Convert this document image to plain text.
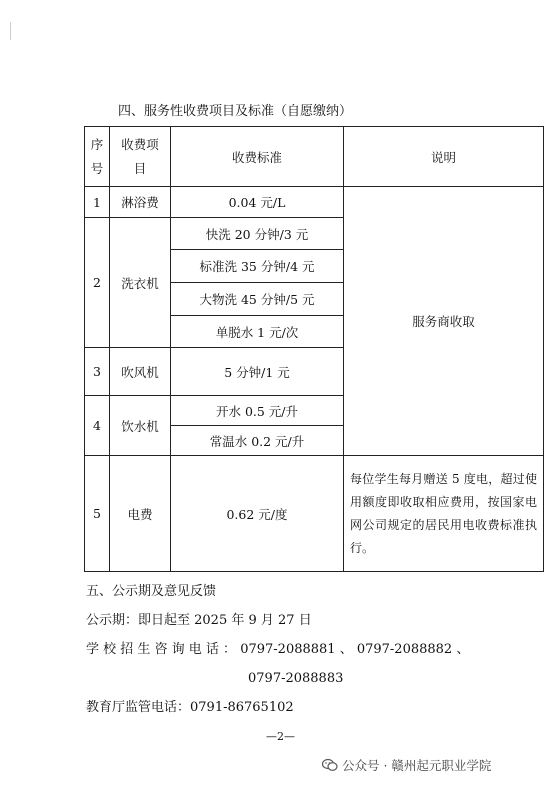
四、服务性收费项目及标准（自愿缴纳）
序号	收费项目	收费标准	说明
1	淋浴费	0.04 元/L	服务商收取
2	洗衣机	快洗 20 分钟/3 元	
		标准洗 35 分钟/4 元	
		大物洗 45 分钟/5 元	
		单脱水 1 元/次	
3	吹风机	5 分钟/1 元	
4	饮水机	开水 0.5 元/升	
		常温水 0.2 元/升	
5	电费	0.62 元/度	每位学生每月赠送 5 度电，超过使用额度即收取相应费用，按国家电网公司规定的居民用电收费标准执行。
五、公示期及意见反馈
公示期：即日起至 2025 年 9 月 27 日
学 校 招 生 咨 询 电 话 ： 0797-2088881 、 0797-2088882 、
0797-2088883
教育厅监管电话：0791-86765102
—2—
公众号 · 赣州起元职业学院
